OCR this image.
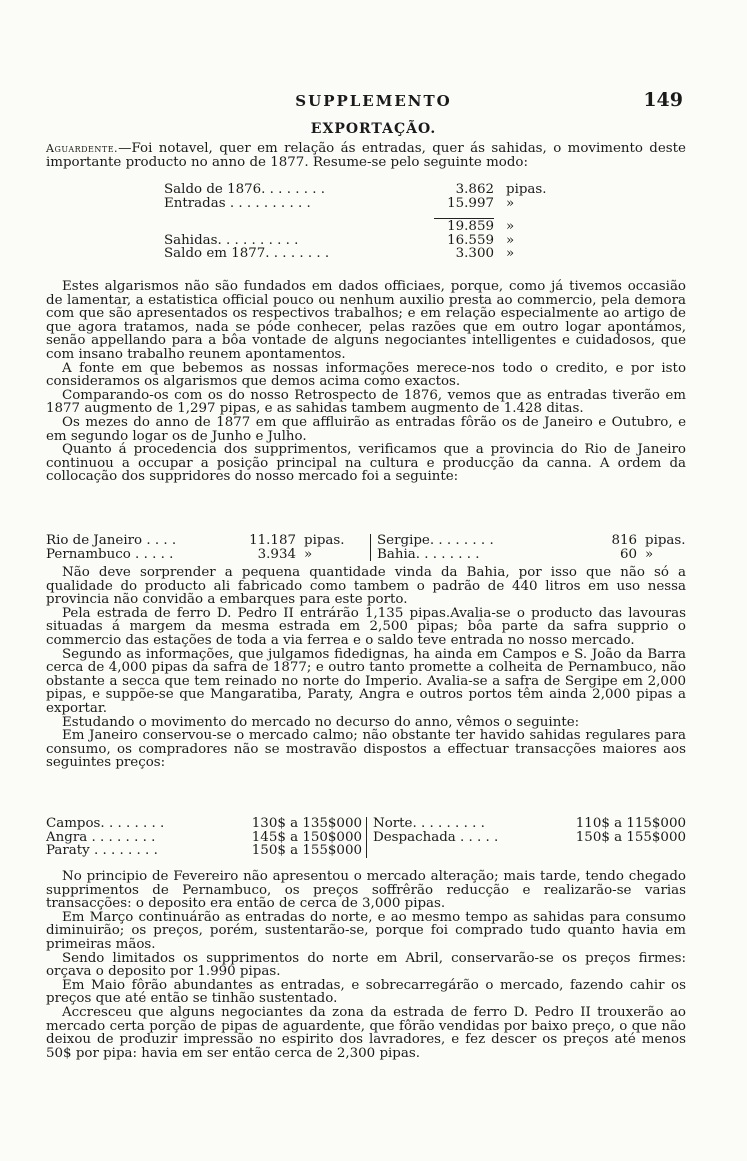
SUPPLEMENTO	149
EXPORTAÇÃO.

Aguardente.—Foi notavel, quer em relação ás entradas, quer ás sahidas, o movimento deste importante producto no anno de 1877. Resume-se pelo seguinte modo:

Saldo de 1876. . . . . . . .	3.862	pipas.
Entradas . . . . . . . . . .	15.997	»

	19.859	»
Sahidas. . . . . . . . . .	16.559	»
Saldo em 1877. . . . . . . .	3.300	»

Estes algarismos não são fundados em dados officiaes, porque, como já tivemos occasião de lamentar, a estatistica official pouco ou nenhum auxilio presta ao commercio, pela demora com que são apresentados os respectivos trabalhos; e em relação especialmente ao artigo de que agora tratamos, nada se póde conhecer, pelas razões que em outro logar apontámos, senão appellando para a bôa vontade de alguns negociantes intelligentes e cuidadosos, que com insano trabalho reunem apontamentos.

A fonte em que bebemos as nossas informações merece-nos todo o credito, e por isto consideramos os algarismos que demos acima como exactos.

Comparando-os com os do nosso Retrospecto de 1876, vemos que as entradas tiverão em 1877 augmento de 1,297 pipas, e as sahidas tambem augmento de 1.428 ditas.

Os mezes do anno de 1877 em que affluirão as entradas fôrão os de Janeiro e Outubro, e em segundo logar os de Junho e Julho.

Quanto á procedencia dos supprimentos, verificamos que a provincia do Rio de Janeiro continuou a occupar a posição principal na cultura e producção da canna. A ordem da collocação dos suppridores do nosso mercado foi a seguinte:

Rio de Janeiro . . . .	11.187	pipas.		Sergipe. . . . . . . .	816	pipas.
Pernambuco . . . . .	3.934	»		Bahia. . . . . . . .	60	»

Não deve sorprender a pequena quantidade vinda da Bahia, por isso que não só a qualidade do producto ali fabricado como tambem o padrão de 440 litros em uso nessa provincia não convidão a embarques para este porto.

Pela estrada de ferro D. Pedro II entrárão 1,135 pipas.Avalia-se o producto das lavouras situadas á margem da mesma estrada em 2,500 pipas; bôa parte da safra supprio o commercio das estações de toda a via ferrea e o saldo teve entrada no nosso mercado.

Segundo as informações, que julgamos fidedignas, ha ainda em Campos e S. João da Barra cerca de 4,000 pipas da safra de 1877; e outro tanto promette a colheita de Pernambuco, não obstante a secca que tem reinado no norte do Imperio. Avalia-se a safra de Sergipe em 2,000 pipas, e suppõe-se que Mangaratiba, Paraty, Angra e outros portos têm ainda 2,000 pipas a exportar.

Estudando o movimento do mercado no decurso do anno, vêmos o seguinte:

Em Janeiro conservou-se o mercado calmo; não obstante ter havido sahidas regulares para consumo, os compradores não se mostravão dispostos a effectuar transacções maiores aos seguintes preços:

Campos. . . . . . . .	130$ a 135$000		Norte. . . . . . . . .	110$ a 115$000
Angra . . . . . . . .	145$ a 150$000		Despachada . . . . .	150$ a 155$000
Paraty . . . . . . . .	150$ a 155$000			

No principio de Fevereiro não apresentou o mercado alteração; mais tarde, tendo chegado supprimentos de Pernambuco, os preços soffrêrão reducção e realizarão-se varias transacções: o deposito era então de cerca de 3,000 pipas.

Em Março continuárão as entradas do norte, e ao mesmo tempo as sahidas para consumo diminuirão; os preços, porém, sustentarão-se, porque foi comprado tudo quanto havia em primeiras mãos.

Sendo limitados os supprimentos do norte em Abril, conservarão-se os preços firmes: orçava o deposito por 1.990 pipas.

Em Maio fôrão abundantes as entradas, e sobrecarregárão o mercado, fazendo cahir os preços que até então se tinhão sustentado.

Accresceu que alguns negociantes da zona da estrada de ferro D. Pedro II trouxerão ao mercado certa porção de pipas de aguardente, que fôrão vendidas por baixo preço, o que não deixou de produzir impressão no espirito dos lavradores, e fez descer os preços até menos 50$ por pipa: havia em ser então cerca de 2,300 pipas.
